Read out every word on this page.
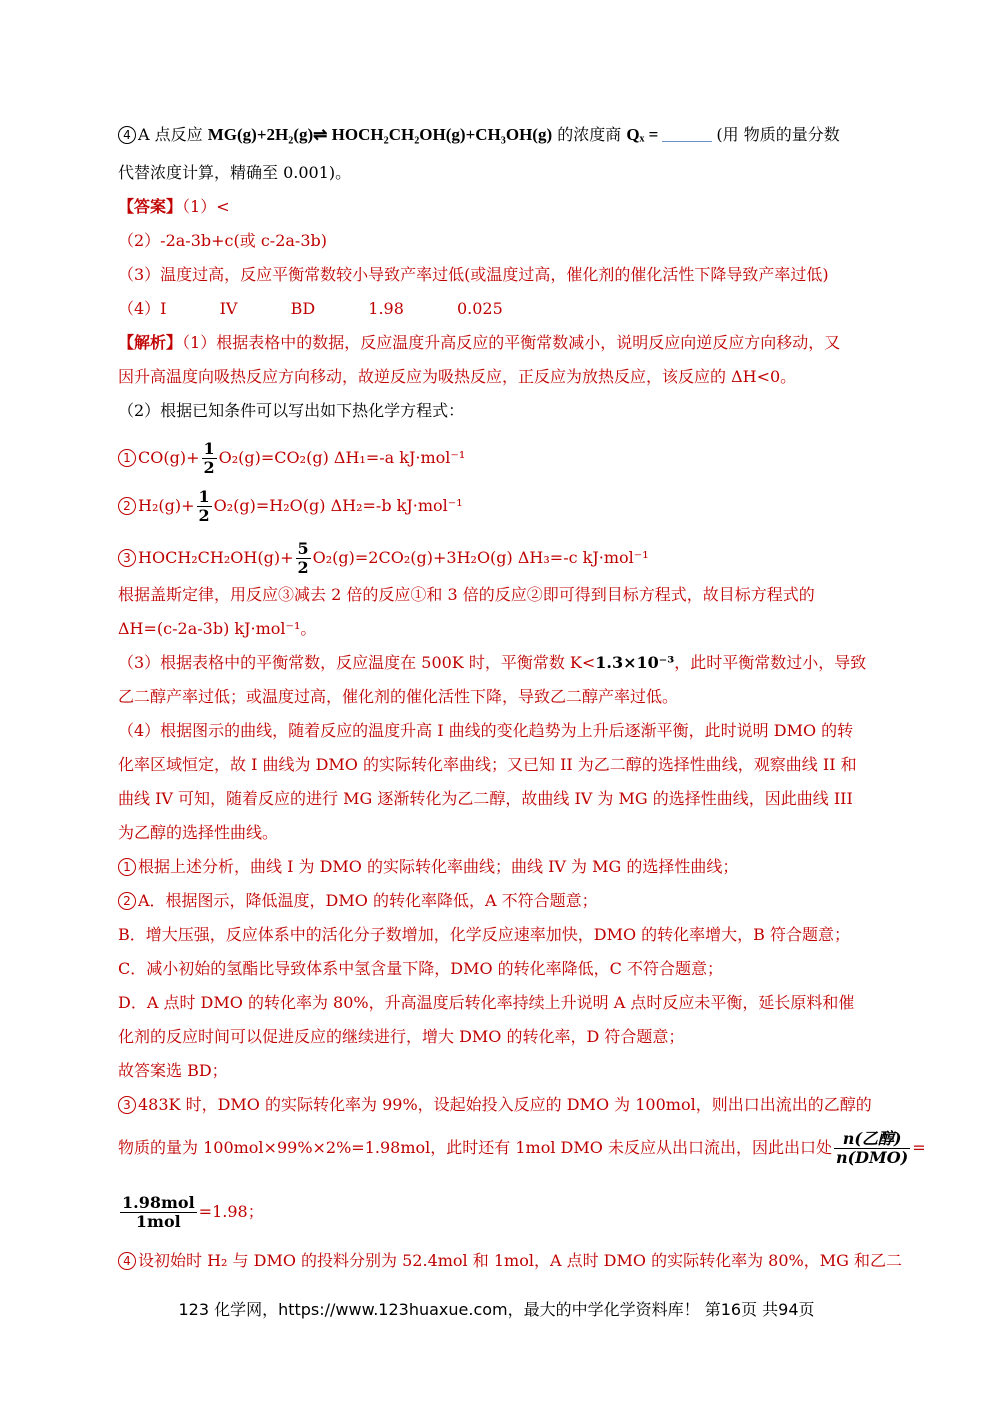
4 A 点反应 MG(g)+2H₂(g)⇌ HOCH₂CH₂OH(g)+CH₃OH(g) 的浓度商 Qₓ =	(用 物质的量分数
代替浓度计算，精确至 0.001)。
【答案】（1）<
（2）-2a-3b+c(或 c-2a-3b)
（3）温度过高，反应平衡常数较小导致产率过低(或温度过高，催化剂的催化活性下降导致产率过低)
（4）I	IV	BD	1.98	0.025
【解析】（1）根据表格中的数据，反应温度升高反应的平衡常数减小，说明反应向逆反应方向移动，又
因升高温度向吸热反应方向移动，故逆反应为吸热反应，正反应为放热反应，该反应的 ΔH<0。
（2）根据已知条件可以写出如下热化学方程式：
1 $CO(g)+ \frac{1}{2} O_2(g)=CO_2(g)$ ΔH₁=-a kJ·mol⁻¹
2 $H_2(g)+ \frac{1}{2} O_2(g)=H_2O(g)$ ΔH₂=-b kJ·mol⁻¹
3 HOCH₂CH₂OH(g)+ $\frac{5}{2} O_2(g)=2CO_2(g)+3H_2O(g)$ ΔH₃=-c kJ·mol⁻¹
根据盖斯定律，用反应③减去 2 倍的反应①和 3 倍的反应②即可得到目标方程式，故目标方程式的
ΔH=(c-2a-3b) kJ·mol⁻¹。
（3）根据表格中的平衡常数，反应温度在 500K 时，平衡常数 K<1.3×10⁻³，此时平衡常数过小，导致
乙二醇产率过低；或温度过高，催化剂的催化活性下降，导致乙二醇产率过低。
（4）根据图示的曲线，随着反应的温度升高 I 曲线的变化趋势为上升后逐渐平衡，此时说明 DMO 的转
化率区域恒定，故 I 曲线为 DMO 的实际转化率曲线；又已知 II 为乙二醇的选择性曲线，观察曲线 II 和
曲线 IV 可知，随着反应的进行 MG 逐渐转化为乙二醇，故曲线 IV 为 MG 的选择性曲线，因此曲线 III
为乙醇的选择性曲线。
1 根据上述分析，曲线 I 为 DMO 的实际转化率曲线；曲线 IV 为 MG 的选择性曲线；
2 A．根据图示，降低温度，DMO 的转化率降低，A 不符合题意；
B．增大压强，反应体系中的活化分子数增加，化学反应速率加快，DMO 的转化率增大，B 符合题意；
C．减小初始的氢酯比导致体系中氢含量下降，DMO 的转化率降低，C 不符合题意；
D．A 点时 DMO 的转化率为 80%，升高温度后转化率持续上升说明 A 点时反应未平衡，延长原料和催
化剂的反应时间可以促进反应的继续进行，增大 DMO 的转化率，D 符合题意；
故答案选 BD；
3 483K 时，DMO 的实际转化率为 99%，设起始投入反应的 DMO 为 100mol，则出口出流出的乙醇的
物质的量为 100mol×99%×2%=1.98mol，此时还有 1mol DMO 未反应从出口流出，因此出口处 $\frac{\text{n(乙醇)}}{\text{n(DMO)}}$ =
$\frac{\text{1.98mol}}{\text{1mol}} =1.98$；
4 设初始时 H₂ 与 DMO 的投料分别为 52.4mol 和 1mol，A 点时 DMO 的实际转化率为 80%，MG 和乙二
123 化学网，https://www.123huaxue.com，最大的中学化学资料库！ 第16页 共94页
